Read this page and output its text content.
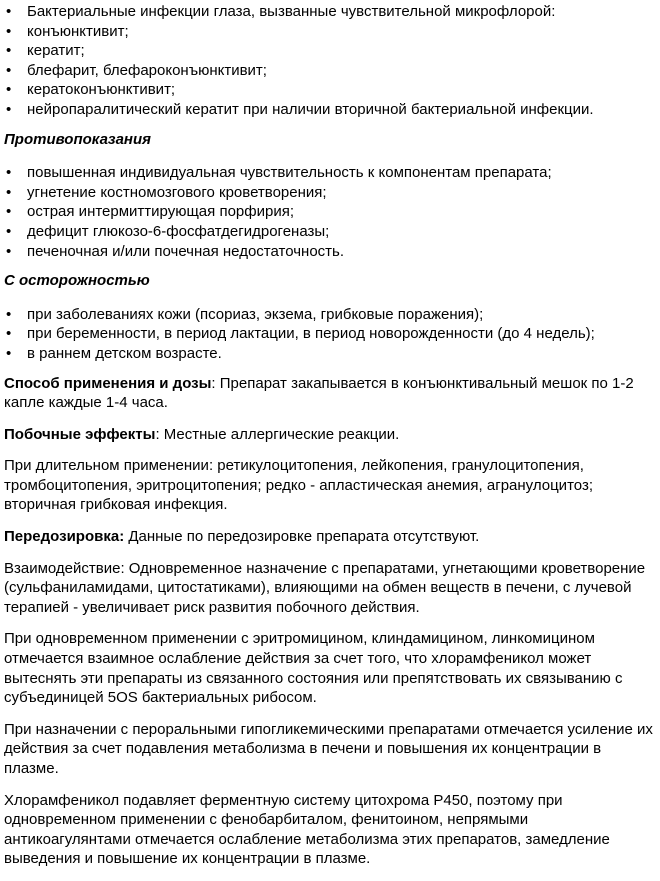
• Бактериальные инфекции глаза, вызванные чувствительной микрофлорой:
• конъюнктивит;
• кератит;
• блефарит, блефароконъюнктивит;
• кератоконъюнктивит;
• нейропаралитический кератит при наличии вторичной бактериальной инфекции.
Противопоказания
• повышенная индивидуальная чувствительность к компонентам препарата;
• угнетение костномозгового кроветворения;
• острая интермиттирующая порфирия;
• дефицит глюкозо-6-фосфатдегидрогеназы;
• печеночная и/или почечная недостаточность.
С осторожностью
• при заболеваниях кожи (псориаз, экзема, грибковые поражения);
• при беременности, в период лактации, в период новорожденности (до 4 недель);
• в раннем детском возрасте.

Способ применения и дозы: Препарат закапывается в конъюнктивальный мешок по 1-2 капле каждые 1-4 часа.

Побочные эффекты: Местные аллергические реакции.

При длительном применении: ретикулоцитопения, лейкопения, гранулоцитопения, тромбоцитопения, эритроцитопения; редко - апластическая анемия, агранулоцитоз; вторичная грибковая инфекция.

Передозировка: Данные по передозировке препарата отсутствуют.

Взаимодействие: Одновременное назначение с препаратами, угнетающими кроветворение (сульфаниламидами, цитостатиками), влияющими на обмен веществ в печени, с лучевой терапией - увеличивает риск развития побочного действия.

При одновременном применении с эритромицином, клиндамицином, линкомицином отмечается взаимное ослабление действия за счет того, что хлорамфеникол может вытеснять эти препараты из связанного состояния или препятствовать их связыванию с субъединицей 5OS бактериальных рибосом.

При назначении с пероральными гипогликемическими препаратами отмечается усиление их действия за счет подавления метаболизма в печени и повышения их концентрации в плазме.

Хлорамфеникол подавляет ферментную систему цитохрома P450, поэтому при одновременном применении с фенобарбиталом, фенитоином, непрямыми антикоагулянтами отмечается ослабление метаболизма этих препаратов, замедление выведения и повышение их концентрации в плазме.
